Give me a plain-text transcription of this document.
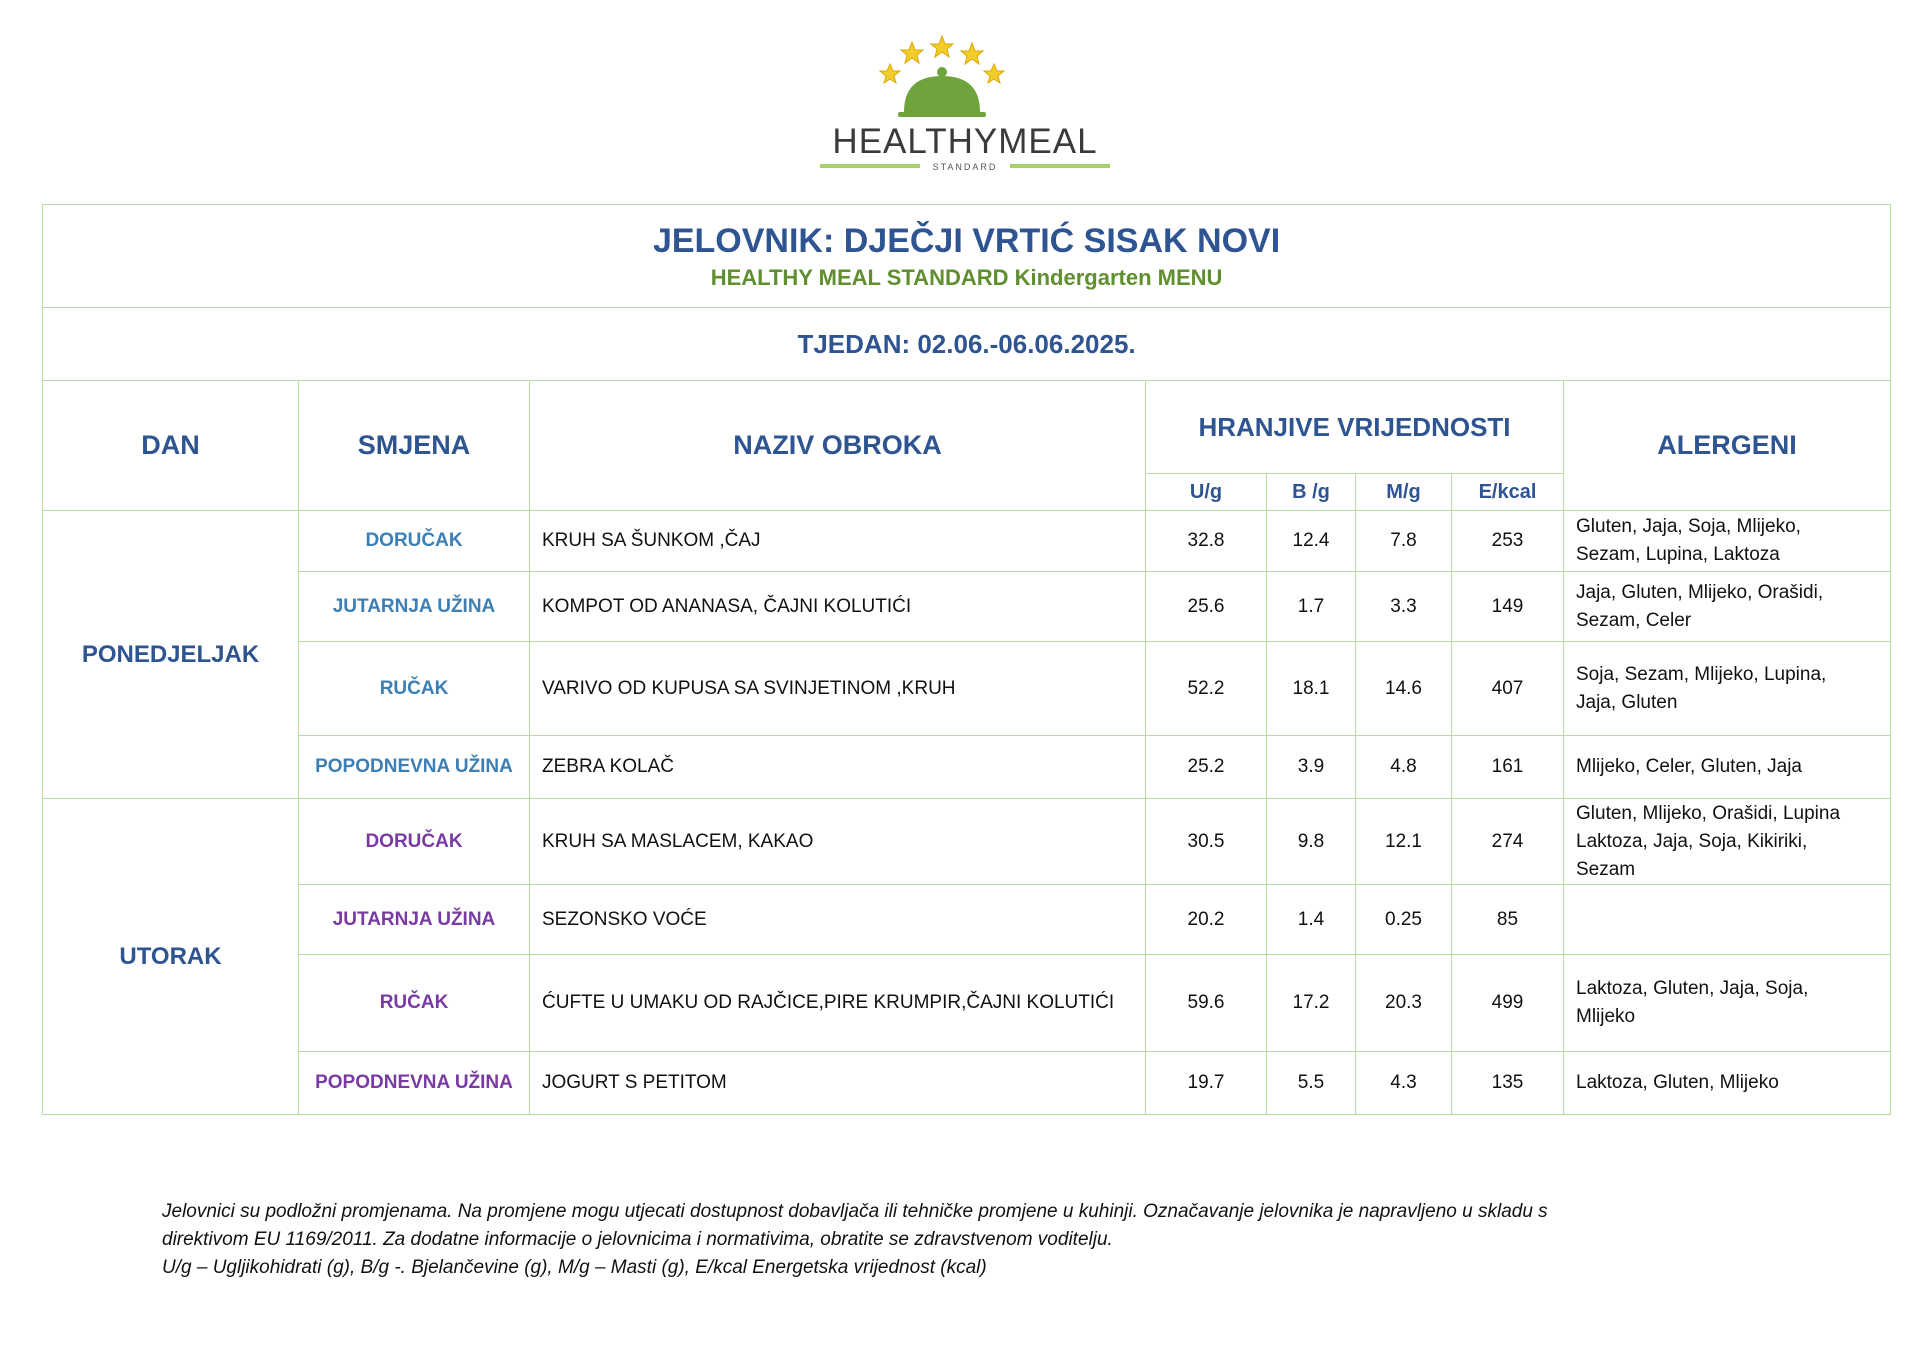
HEALTHYMEAL
STANDARD
JELOVNIK: DJEČJI VRTIĆ SISAK NOVI
HEALTHY MEAL STANDARD Kindergarten MENU							

TJEDAN: 02.06.-06.06.2025.							
DAN	SMJENA	NAZIV OBROKA	HRANJIVE VRIJEDNOSTI				ALERGENI
			U/g	B /g	M/g	E/kcal	
PONEDJELJAK	DORUČAK	KRUH SA ŠUNKOM ,ČAJ	32.8	12.4	7.8	253	Gluten, Jaja, Soja, Mlijeko,
Sezam, Lupina, Laktoza

	JUTARNJA UŽINA	KOMPOT OD ANANASA, ČAJNI KOLUTIĆI	25.6	1.7	3.3	149	Jaja, Gluten, Mlijeko, Orašidi,
Sezam, Celer

	RUČAK	VARIVO OD KUPUSA SA SVINJETINOM ,KRUH	52.2	18.1	14.6	407	Soja, Sezam, Mlijeko, Lupina,
Jaja, Gluten

	POPODNEVNA UŽINA	ZEBRA KOLAČ	25.2	3.9	4.8	161	Mlijeko, Celer, Gluten, Jaja

UTORAK	DORUČAK	KRUH SA MASLACEM, KAKAO	30.5	9.8	12.1	274	Gluten, Mlijeko, Orašidi, Lupina
Laktoza, Jaja, Soja, Kikiriki,
Sezam

	JUTARNJA UŽINA	SEZONSKO VOĆE	20.2	1.4	0.25	85	
	RUČAK	ĆUFTE U UMAKU OD RAJČICE,PIRE KRUMPIR,ČAJNI KOLUTIĆI	59.6	17.2	20.3	499	Laktoza, Gluten, Jaja, Soja,
Mlijeko

	POPODNEVNA UŽINA	JOGURT S PETITOM	19.7	5.5	4.3	135	Laktoza, Gluten, Mlijeko
Jelovnici su podložni promjenama. Na promjene mogu utjecati dostupnost dobavljača ili tehničke promjene u kuhinji. Označavanje jelovnika je napravljeno u skladu s
direktivom EU 1169/2011. Za dodatne informacije o jelovnicima i normativima, obratite se zdravstvenom voditelju.
U/g – Ugljikohidrati (g), B/g -. Bjelančevine (g), M/g – Masti (g), E/kcal Energetska vrijednost (kcal)
